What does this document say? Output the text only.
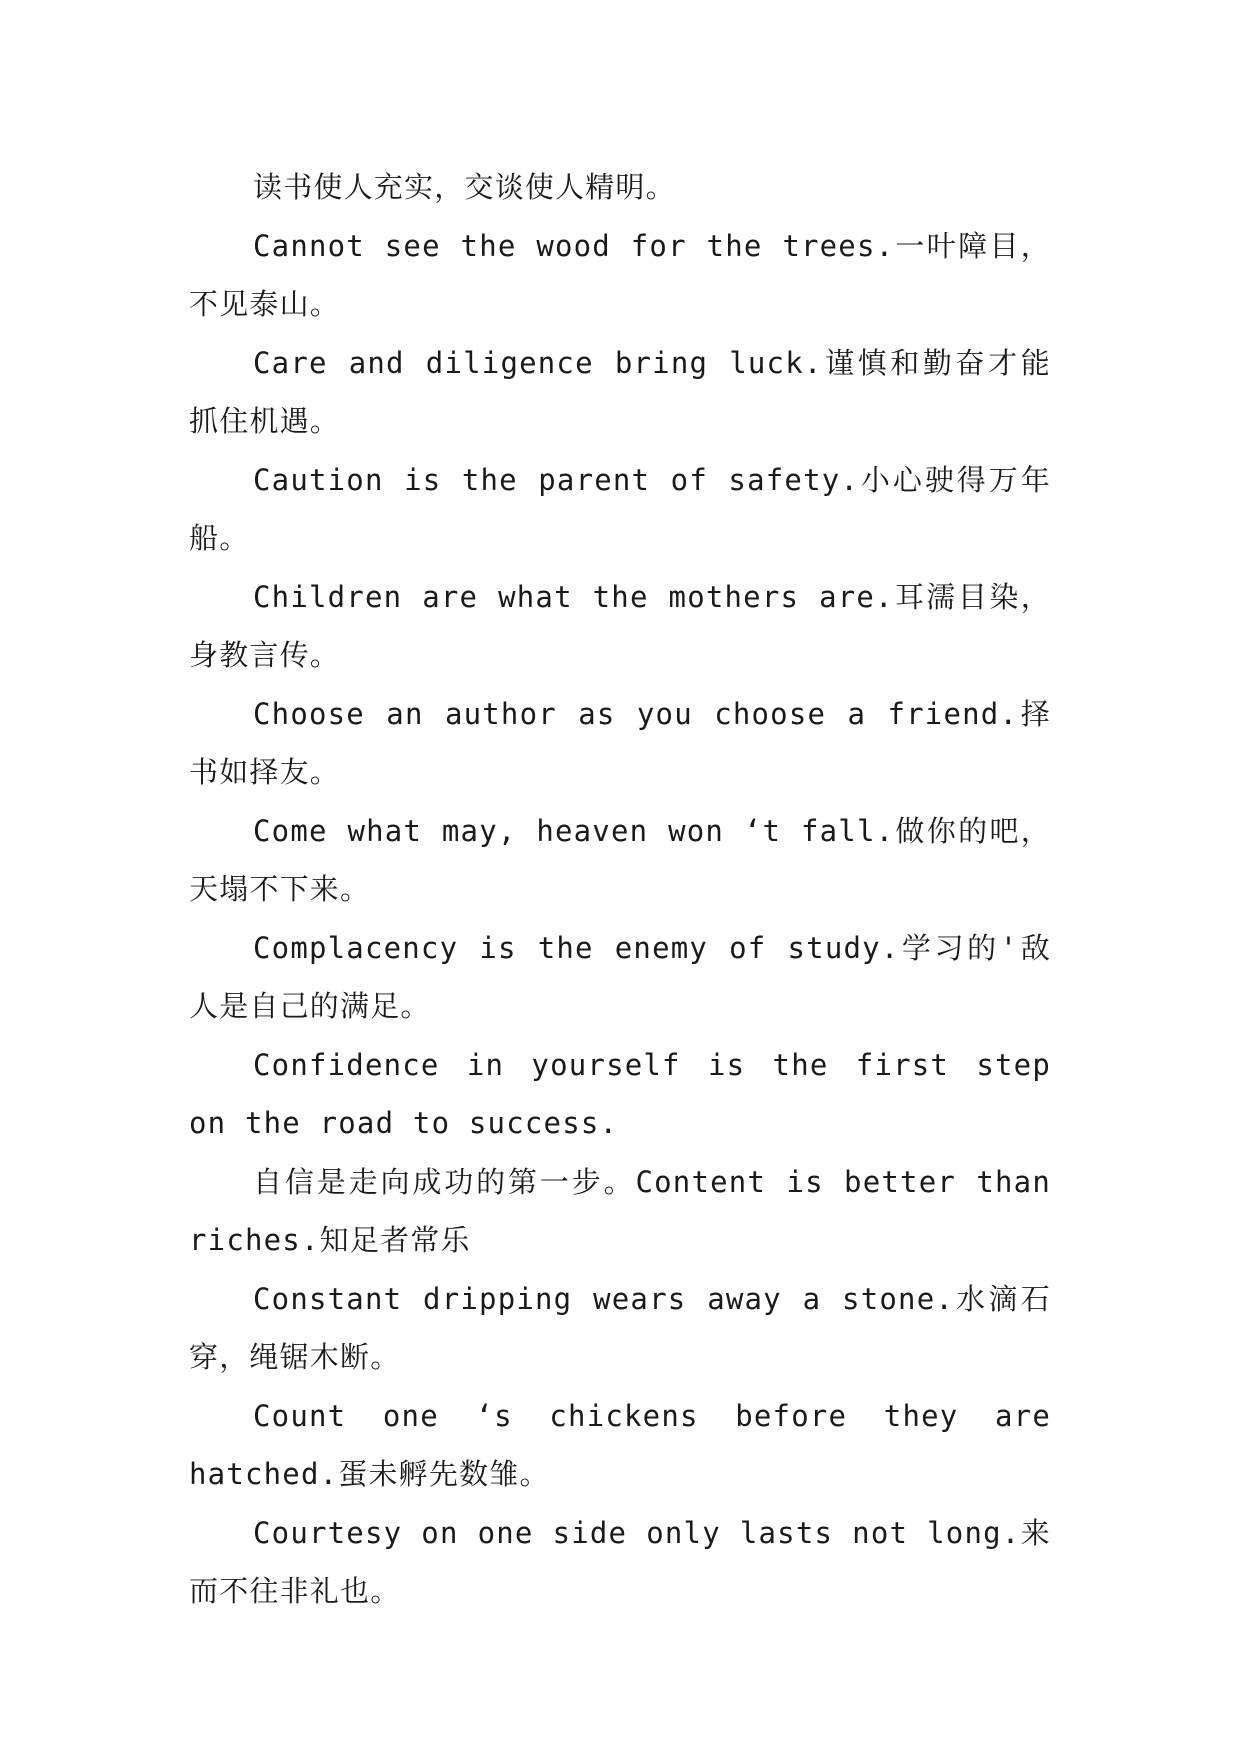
读书使人充实，交谈使人精明。

Cannot see the wood for the trees.一叶障目，不见泰山。

Care and diligence bring luck.谨慎和勤奋才能抓住机遇。

Caution is the parent of safety.小心驶得万年船。

Children are what the mothers are.耳濡目染，身教言传。

Choose an author as you choose a friend.择书如择友。

Come what may, heaven won ‘t fall.做你的吧，天塌不下来。

Complacency is the enemy of study.学习的'敌人是自己的满足。

Confidence in yourself is the first step on the road to success.

自信是走向成功的第一步。Content is better than riches.知足者常乐

Constant dripping wears away a stone.水滴石穿，绳锯木断。

Count one ‘s chickens before they are hatched.蛋未孵先数雏。

Courtesy on one side only lasts not long.来而不往非礼也。
